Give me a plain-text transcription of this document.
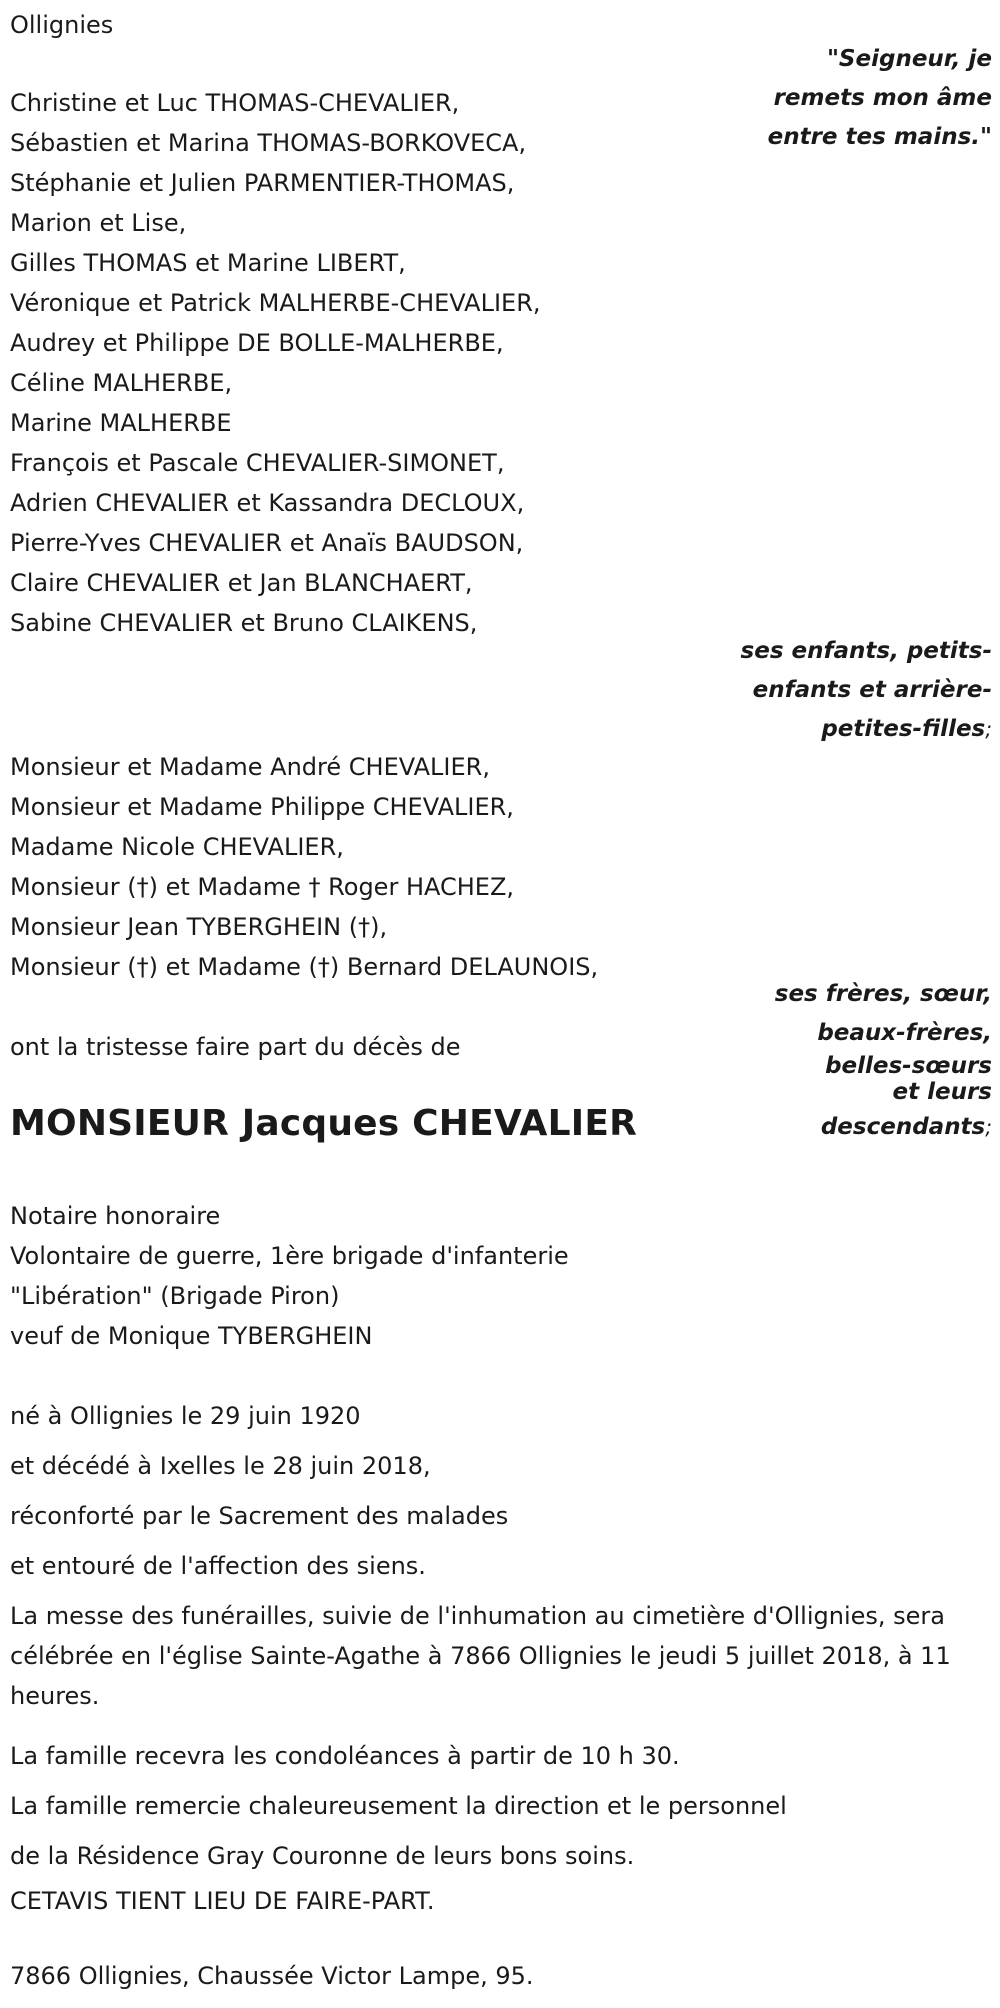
Ollignies
"Seigneur, je
remets mon âme
entre tes mains."
Christine et Luc THOMAS-CHEVALIER,
Sébastien et Marina THOMAS-BORKOVECA,
Stéphanie et Julien PARMENTIER-THOMAS,
Marion et Lise,
Gilles THOMAS et Marine LIBERT,
Véronique et Patrick MALHERBE-CHEVALIER,
Audrey et Philippe DE BOLLE-MALHERBE,
Céline MALHERBE,
Marine MALHERBE
François et Pascale CHEVALIER-SIMONET,
Adrien CHEVALIER et Kassandra DECLOUX,
Pierre-Yves CHEVALIER et Anaïs BAUDSON,
Claire CHEVALIER et Jan BLANCHAERT,
Sabine CHEVALIER et Bruno CLAIKENS,
ses enfants, petits-
enfants et arrière-
petites-filles;
Monsieur et Madame André CHEVALIER,
Monsieur et Madame Philippe CHEVALIER,
Madame Nicole CHEVALIER,
Monsieur (†) et Madame † Roger HACHEZ,
Monsieur Jean TYBERGHEIN (†),
Monsieur (†) et Madame (†) Bernard DELAUNOIS,
ses frères, sœur,
beaux-frères,
belles-sœurs
et leurs
descendants;
ont la tristesse faire part du décès de
MONSIEUR Jacques CHEVALIER
Notaire honoraire
Volontaire de guerre, 1ère brigade d'infanterie
"Libération" (Brigade Piron)
veuf de Monique TYBERGHEIN
né à Ollignies le 29 juin 1920
et décédé à Ixelles le 28 juin 2018,
réconforté par le Sacrement des malades
et entouré de l'affection des siens.
La messe des funérailles, suivie de l'inhumation au cimetière d'Ollignies, sera célébrée en l'église Sainte-Agathe à 7866 Ollignies le jeudi 5 juillet 2018, à 11 heures.
La famille recevra les condoléances à partir de 10 h 30.
La famille remercie chaleureusement la direction et le personnel
de la Résidence Gray Couronne de leurs bons soins.
CETAVIS TIENT LIEU DE FAIRE-PART.
7866 Ollignies, Chaussée Victor Lampe, 95.
